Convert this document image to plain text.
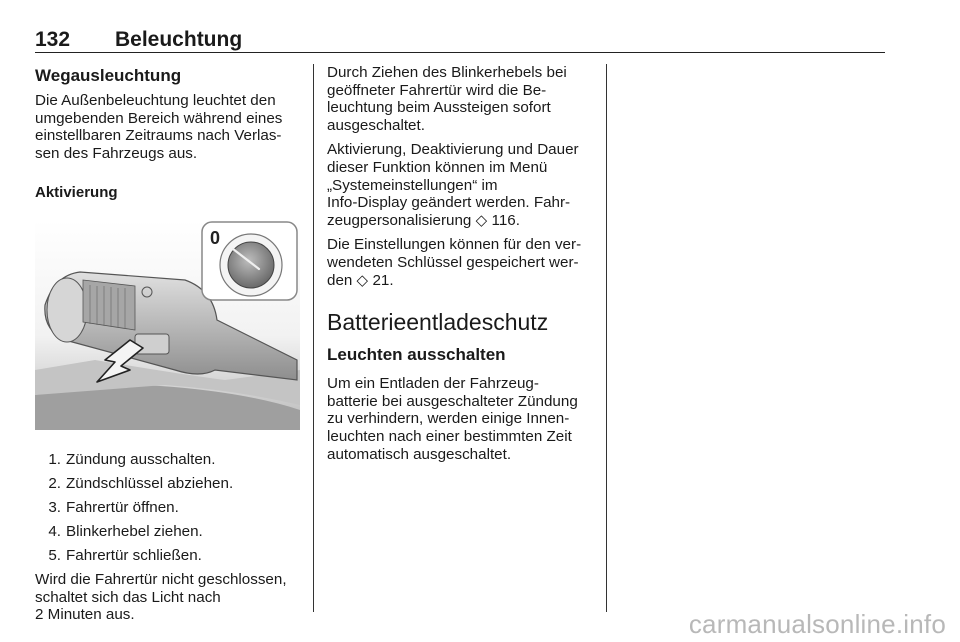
132 Beleuchtung
Wegausleuchtung

Die Außenbeleuchtung leuchtet den
umgebenden Bereich während eines
einstellbaren Zeitraums nach Verlas-
sen des Fahrzeugs aus.

Aktivierung
0
1. Zündung ausschalten.
2. Zündschlüssel abziehen.
3. Fahrertür öffnen.
4. Blinkerhebel ziehen.
5. Fahrertür schließen.

Wird die Fahrertür nicht geschlossen,
schaltet sich das Licht nach
2 Minuten aus.

Durch Ziehen des Blinkerhebels bei
geöffneter Fahrertür wird die Be-
leuchtung beim Aussteigen sofort
ausgeschaltet.

Aktivierung, Deaktivierung und Dauer
dieser Funktion können im Menü
„Systemeinstellungen“ im
Info-Display geändert werden. Fahr-
zeugpersonalisierung ◇ 116.

Die Einstellungen können für den ver-
wendeten Schlüssel gespeichert wer-
den ◇ 21.

Batterieentladeschutz
Leuchten ausschalten

Um ein Entladen der Fahrzeug-
batterie bei ausgeschalteter Zündung
zu verhindern, werden einige Innen-
leuchten nach einer bestimmten Zeit
automatisch ausgeschaltet.

carmanualsonline.info
